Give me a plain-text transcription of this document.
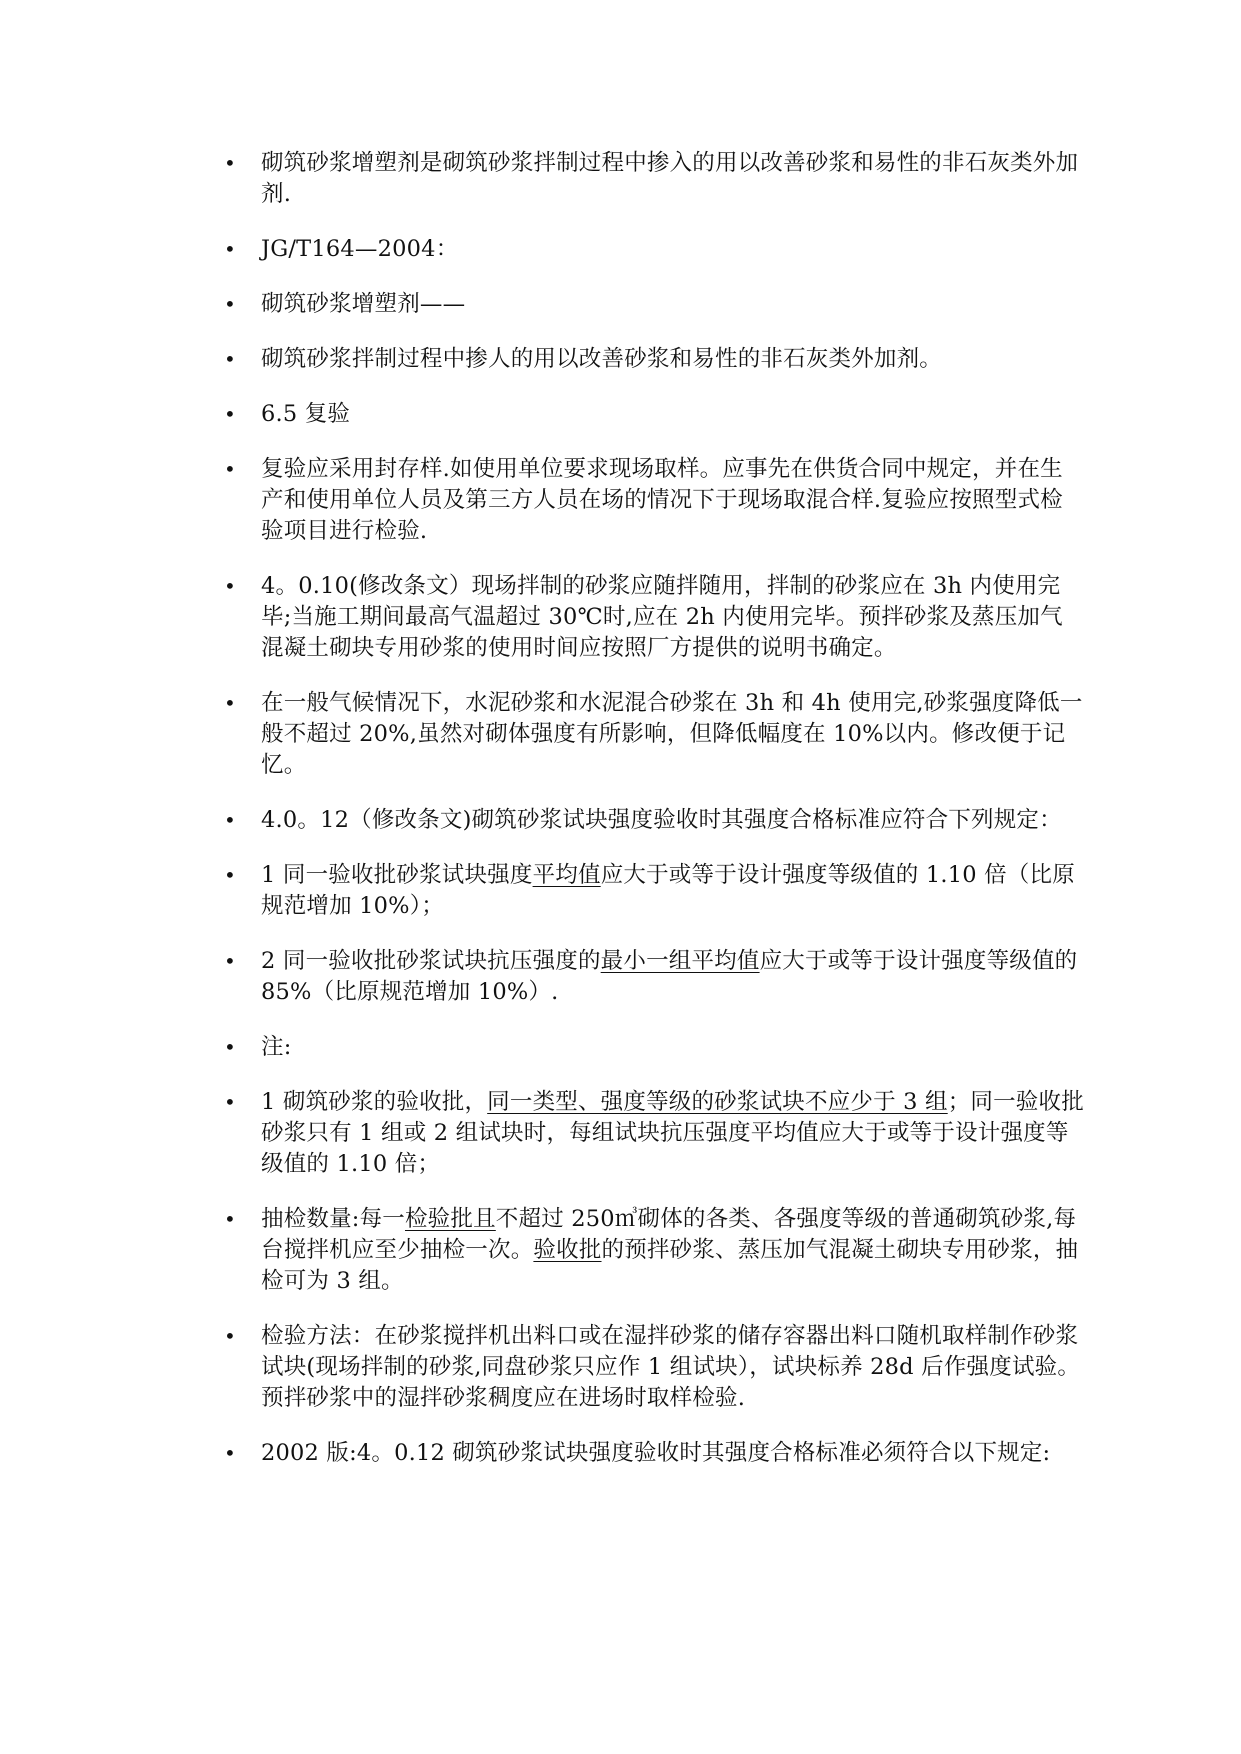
• 砌筑砂浆增塑剂是砌筑砂浆拌制过程中掺入的用以改善砂浆和易性的非石灰类外加剂.
• JG/T164—2004：
• 砌筑砂浆增塑剂——
• 砌筑砂浆拌制过程中掺人的用以改善砂浆和易性的非石灰类外加剂。
• 6.5 复验
• 复验应采用封存样.如使用单位要求现场取样。应事先在供货合同中规定，并在生产和使用单位人员及第三方人员在场的情况下于现场取混合样.复验应按照型式检验项目进行检验.
• 4。0.10(修改条文）现场拌制的砂浆应随拌随用，拌制的砂浆应在 3h 内使用完毕;当施工期间最高气温超过 30℃时,应在 2h 内使用完毕。预拌砂浆及蒸压加气混凝土砌块专用砂浆的使用时间应按照厂方提供的说明书确定。
• 在一般气候情况下，水泥砂浆和水泥混合砂浆在 3h 和 4h 使用完,砂浆强度降低一般不超过 20%,虽然对砌体强度有所影响，但降低幅度在 10%以内。修改便于记忆。
• 4.0。12（修改条文)砌筑砂浆试块强度验收时其强度合格标准应符合下列规定：
• 1 同一验收批砂浆试块强度平均值应大于或等于设计强度等级值的 1.10 倍（比原规范增加 10%）；
• 2 同一验收批砂浆试块抗压强度的最小一组平均值应大于或等于设计强度等级值的 85%（比原规范增加 10%）.
• 注:
• 1 砌筑砂浆的验收批，同一类型、强度等级的砂浆试块不应少于 3 组；同一验收批砂浆只有 1 组或 2 组试块时，每组试块抗压强度平均值应大于或等于设计强度等级值的 1.10 倍；
• 抽检数量:每一检验批且不超过 250㎥砌体的各类、各强度等级的普通砌筑砂浆,每台搅拌机应至少抽检一次。验收批的预拌砂浆、蒸压加气混凝土砌块专用砂浆，抽检可为 3 组。
• 检验方法：在砂浆搅拌机出料口或在湿拌砂浆的储存容器出料口随机取样制作砂浆试块(现场拌制的砂浆,同盘砂浆只应作 1 组试块），试块标养 28d 后作强度试验。预拌砂浆中的湿拌砂浆稠度应在进场时取样检验.
• 2002 版:4。0.12 砌筑砂浆试块强度验收时其强度合格标准必须符合以下规定:
